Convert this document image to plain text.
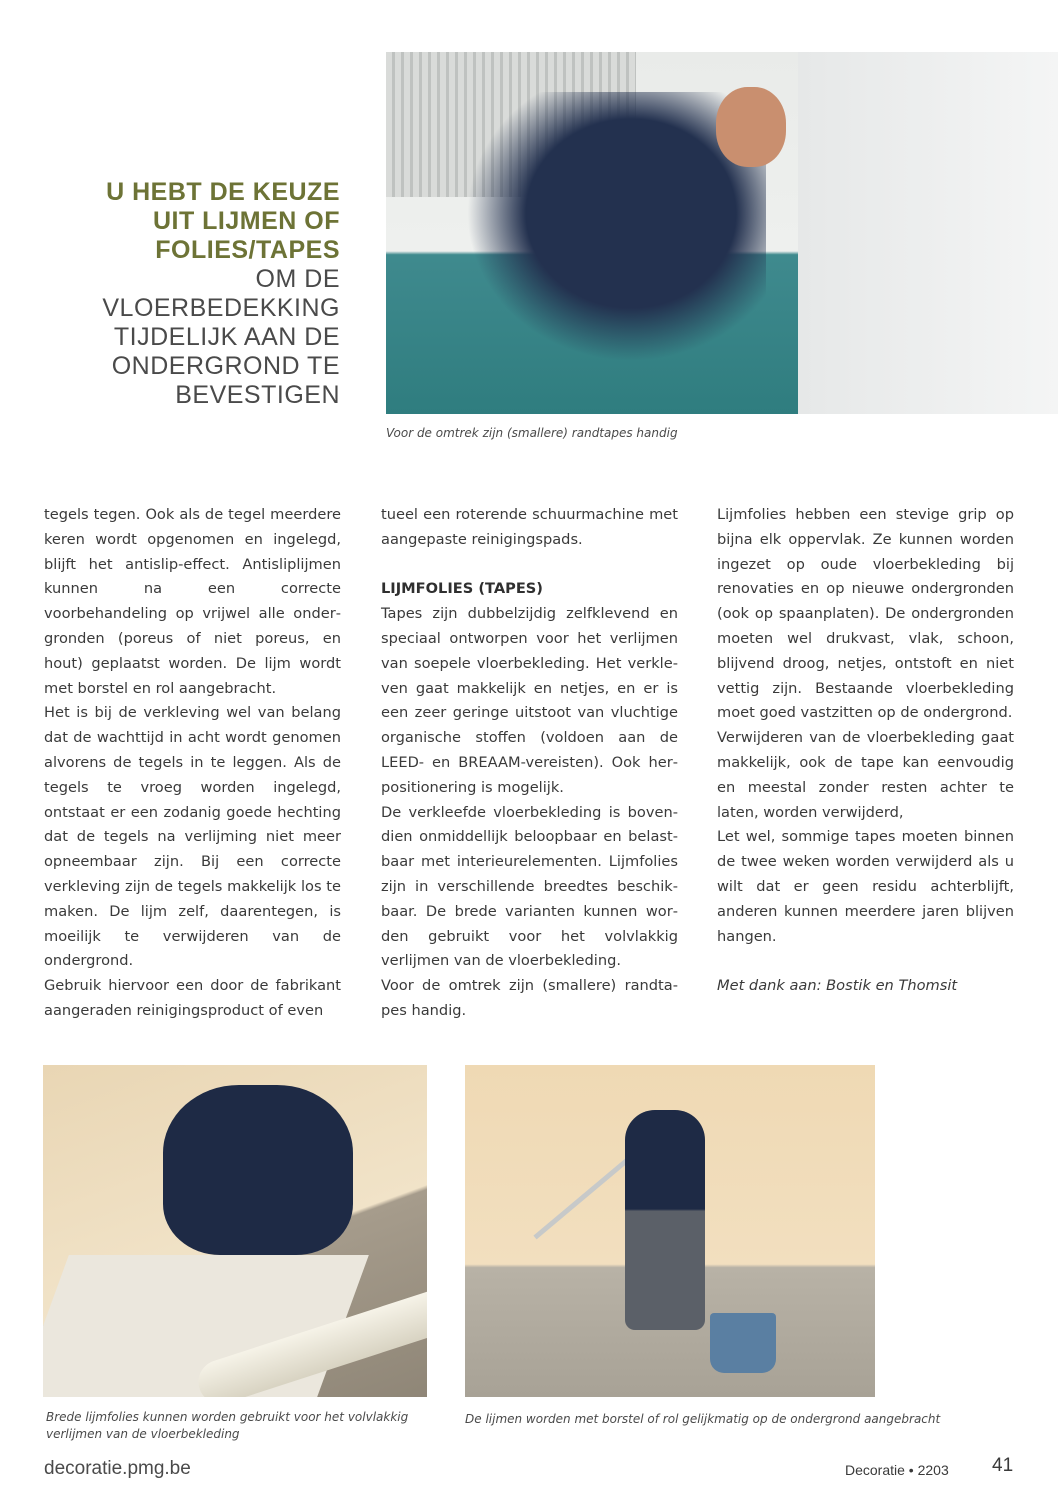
U HEBT DE KEUZE
UIT LIJMEN OF
FOLIES/TAPES
OM DE
VLOERBEDEKKING
TIJDELIJK AAN DE
ONDERGROND TE
BEVESTIGEN
Voor de omtrek zijn (smallere) randtapes handig

tegels tegen. Ook als de tegel meerdere keren wordt opgenomen en ingelegd, blijft het antislip-effect. Antisliplijmen kunnen na een correcte voorbehandeling op vrijwel alle ondergronden (poreus of niet poreus, en hout) geplaatst worden. De lijm wordt met borstel en rol aangebracht.

Het is bij de verkleving wel van belang dat de wachttijd in acht wordt genomen alvorens de tegels in te leggen. Als de tegels te vroeg worden ingelegd, ontstaat er een zodanig goede hechting dat de tegels na verlijming niet meer opneembaar zijn. Bij een correcte verkleving zijn de tegels makkelijk los te maken. De lijm zelf, daarentegen, is moeilijk te verwijderen van de ondergrond.

Gebruik hiervoor een door de fabrikant aangeraden reinigingsproduct of even

tueel een roterende schuurmachine met aangepaste reinigingspads.

LIJMFOLIES (TAPES)

Tapes zijn dubbelzijdig zelfklevend en speciaal ontworpen voor het verlijmen van soepele vloerbekleding. Het verkleven gaat makkelijk en netjes, en er is een zeer geringe uitstoot van vluchtige organische stoffen (voldoen aan de LEED- en BREAAM-vereisten). Ook herpositionering is mogelijk.

De verkleefde vloerbekleding is bovendien onmiddellijk beloopbaar en belastbaar met interieurelementen. Lijmfolies zijn in verschillende breedtes beschikbaar. De brede varianten kunnen worden gebruikt voor het volvlakkig verlijmen van de vloerbekleding.

Voor de omtrek zijn (smallere) randtapes handig.

Lijmfolies hebben een stevige grip op bijna elk oppervlak. Ze kunnen worden ingezet op oude vloerbekleding bij renovaties en op nieuwe ondergronden (ook op spaanplaten). De ondergronden moeten wel drukvast, vlak, schoon, blijvend droog, netjes, ontstoft en niet vettig zijn. Bestaande vloerbekleding moet goed vastzitten op de ondergrond.

Verwijderen van de vloerbekleding gaat makkelijk, ook de tape kan eenvoudig en meestal zonder resten achter te laten, worden verwijderd,

Let wel, sommige tapes moeten binnen de twee weken worden verwijderd als u wilt dat er geen residu achterblijft, anderen kunnen meerdere jaren blijven hangen.

Met dank aan: Bostik en Thomsit

Brede lijmfolies kunnen worden gebruikt voor het volvlakkig verlijmen van de vloerbekleding
De lijmen worden met borstel of rol gelijkmatig op de ondergrond aangebracht
decoratie.pmg.be	Decoratie • 2203 41
